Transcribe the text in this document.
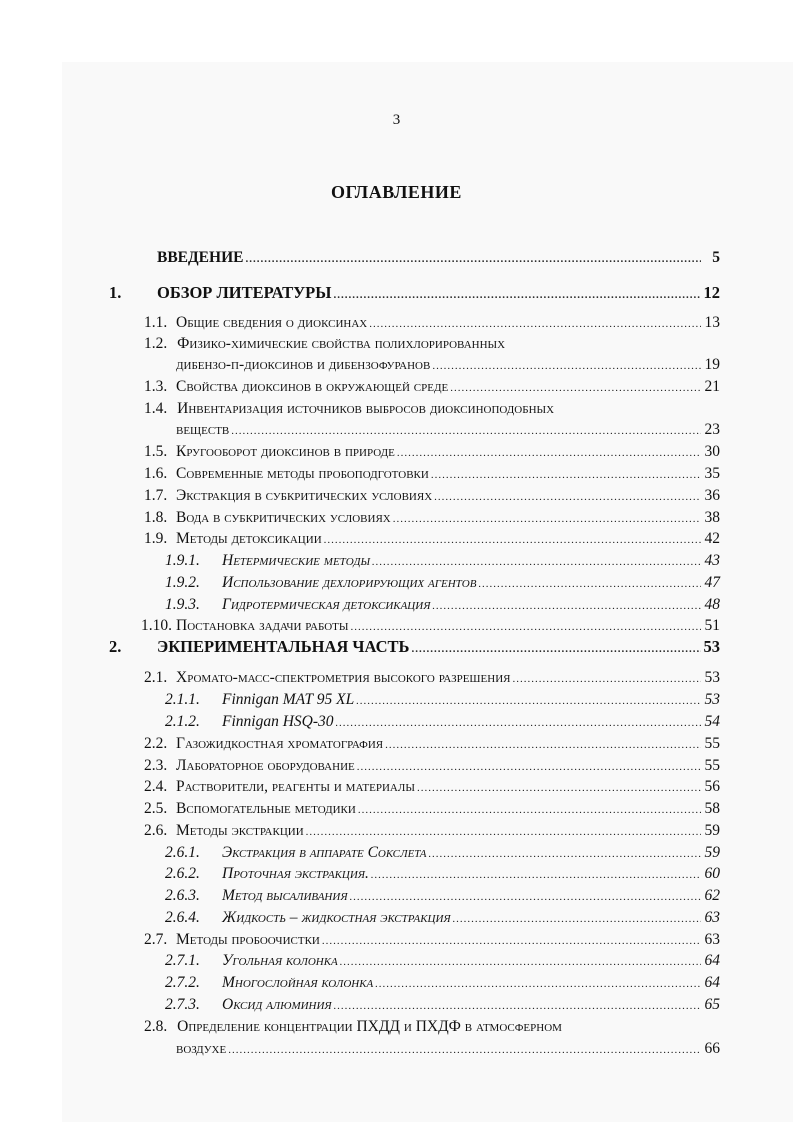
3
ОГЛАВЛЕНИЕ
ВВЕДЕНИЕ .....	5
1. ОБЗОР ЛИТЕРАТУРЫ .....	12
1.1. Общие сведения о диоксинах .....	13
1.2. Физико-химические свойства полихлорированных
дибензо-п-диоксинов и дибензофуранов .....	19
1.3. Свойства диоксинов в окружающей среде .....	21
1.4. Инвентаризация источников выбросов диоксиноподобных
веществ .....	23
1.5. Кругооборот диоксинов в природе .....	30
1.6. Современные методы пробоподготовки .....	35
1.7. Экстракция в субкритических условиях .....	36
1.8. Вода в субкритических условиях .....	38
1.9. Методы детоксикации .....	42
1.9.1. Нетермические методы .....	43
1.9.2. Использование дехлорирующих агентов .....	47
1.9.3. Гидротермическая детоксикация .....	48
1.10. Постановка задачи работы .....	51
2. ЭКПЕРИМЕНТАЛЬНАЯ ЧАСТЬ .....	53
2.1. Хромато-масс-спектрометрия высокого разрешения .....	53
2.1.1. Finnigan MAT 95 XL .....	53
2.1.2. Finnigan HSQ-30 .....	54
2.2. Газожидкостная хроматография .....	55
2.3. Лабораторное оборудование .....	55
2.4. Растворители, реагенты и материалы .....	56
2.5. Вспомогательные методики .....	58
2.6. Методы экстракции .....	59
2.6.1. Экстракция в аппарате Сокслета .....	59
2.6.2. Проточная экстракция. .....	60
2.6.3. Метод высаливания .....	62
2.6.4. Жидкость – жидкостная экстракция .....	63
2.7. Методы пробоочистки .....	63
2.7.1. Угольная колонка .....	64
2.7.2. Многослойная колонка .....	64
2.7.3. Оксид алюминия .....	65
2.8. Определение концентрации ПХДД и ПХДФ в атмосферном
воздухе .....	66
